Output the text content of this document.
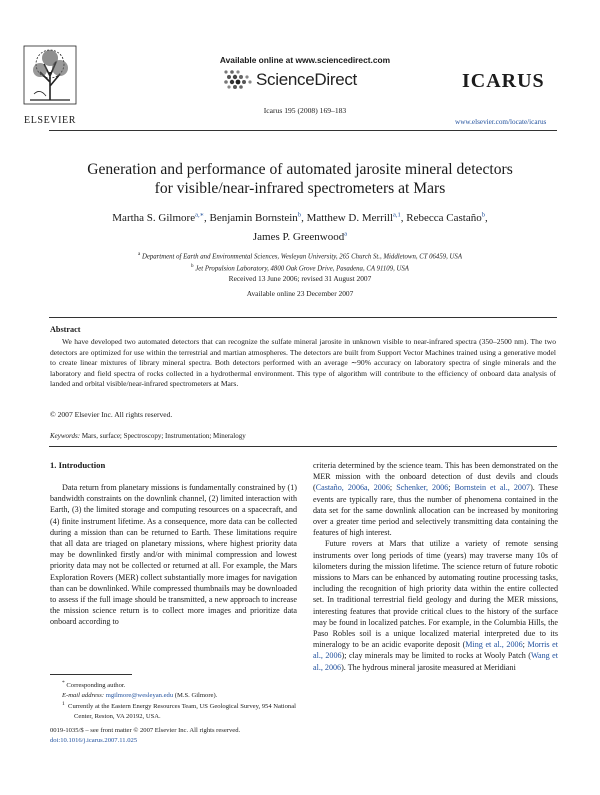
ELSEVIER
Available online at www.sciencedirect.com
ScienceDirect
Icarus 195 (2008) 169–183
ICARUS
www.elsevier.com/locate/icarus
Generation and performance of automated jarosite mineral detectors
for visible/near-infrared spectrometers at Mars
Martha S. Gilmore$^{a,∗}$, Benjamin Bornstein$^b$, Matthew D. Merrill$^{a,1}$, Rebecca Castaño$^b$,
James P. Greenwood$^a$
$^a$ Department of Earth and Environmental Sciences, Wesleyan University, 265 Church St., Middletown, CT 06459, USA
$^b$ Jet Propulsion Laboratory, 4800 Oak Grove Drive, Pasadena, CA 91109, USA
Received 13 June 2006; revised 31 August 2007
Available online 23 December 2007
Abstract
We have developed two automated detectors that can recognize the sulfate mineral jarosite in unknown visible to near-infrared spectra (350–2500 nm). The two detectors are optimized for use within the terrestrial and martian atmospheres. The detectors are built from Support Vector Machines trained using a generative model to create linear mixtures of library mineral spectra. Both detectors performed with an average ∼90% accuracy on laboratory spectra of single minerals and the laboratory and field spectra of rocks collected in a hydrothermal environment. This type of algorithm will contribute to the efficiency of onboard data analysis of landed and orbital visible/near-infrared spectrometers at Mars.
© 2007 Elsevier Inc. All rights reserved.
Keywords: Mars, surface; Spectroscopy; Instrumentation; Mineralogy
1. Introduction

Data return from planetary missions is fundamentally constrained by (1) bandwidth constraints on the downlink channel, (2) limited interaction with Earth, (3) the limited storage and computing resources on a spacecraft, and (4) finite instrument lifetime. As a consequence, more data can be collected during a mission than can be returned to Earth. These limitations require that all data are triaged on planetary missions, where highest priority data may be downlinked firstly and/or with minimal compression and lowest priority data may not be collected or returned at all. For example, the Mars Exploration Rovers (MER) collect substantially more images for navigation than can be downlinked. While compressed thumbnails may be downloaded to assess if the full image should be transmitted, a new approach to increase the mission science return is to collect more images and prioritize data onboard according to

* Corresponding author.
E-mail address: mgilmore@wesleyan.edu (M.S. Gilmore).
$^1$ Currently at the Eastern Energy Resources Team, US Geological Survey, 954 National Center, Reston, VA 20192, USA.
0019-1035/$ – see front matter © 2007 Elsevier Inc. All rights reserved.
doi:10.1016/j.icarus.2007.11.025

criteria determined by the science team. This has been demonstrated on the MER mission with the onboard detection of dust devils and clouds (Castaño, 2006a, 2006; Schenker, 2006; Bornstein et al., 2007). These events are typically rare, thus the number of phenomena contained in the data set for the same downlink allocation can be increased by monitoring over a greater time period and selectively transmitting data containing the features of high interest.

Future rovers at Mars that utilize a variety of remote sensing instruments over long periods of time (years) may traverse many 10s of kilometers during the mission lifetime. The science return of future robotic missions to Mars can be enhanced by automating routine processing tasks, including the recognition of high priority data within the entire collected set. In traditional terrestrial field geology and during the MER missions, interesting features that provide critical clues to the history of the surface may be found in localized patches. For example, in the Columbia Hills, the Paso Robles soil is a unique localized material interpreted due to its mineralogy to be an acidic evaporite deposit (Ming et al., 2006; Morris et al., 2006); clay minerals may be limited to rocks at Wooly Patch (Wang et al., 2006). The hydrous mineral jarosite measured at Meridiani
